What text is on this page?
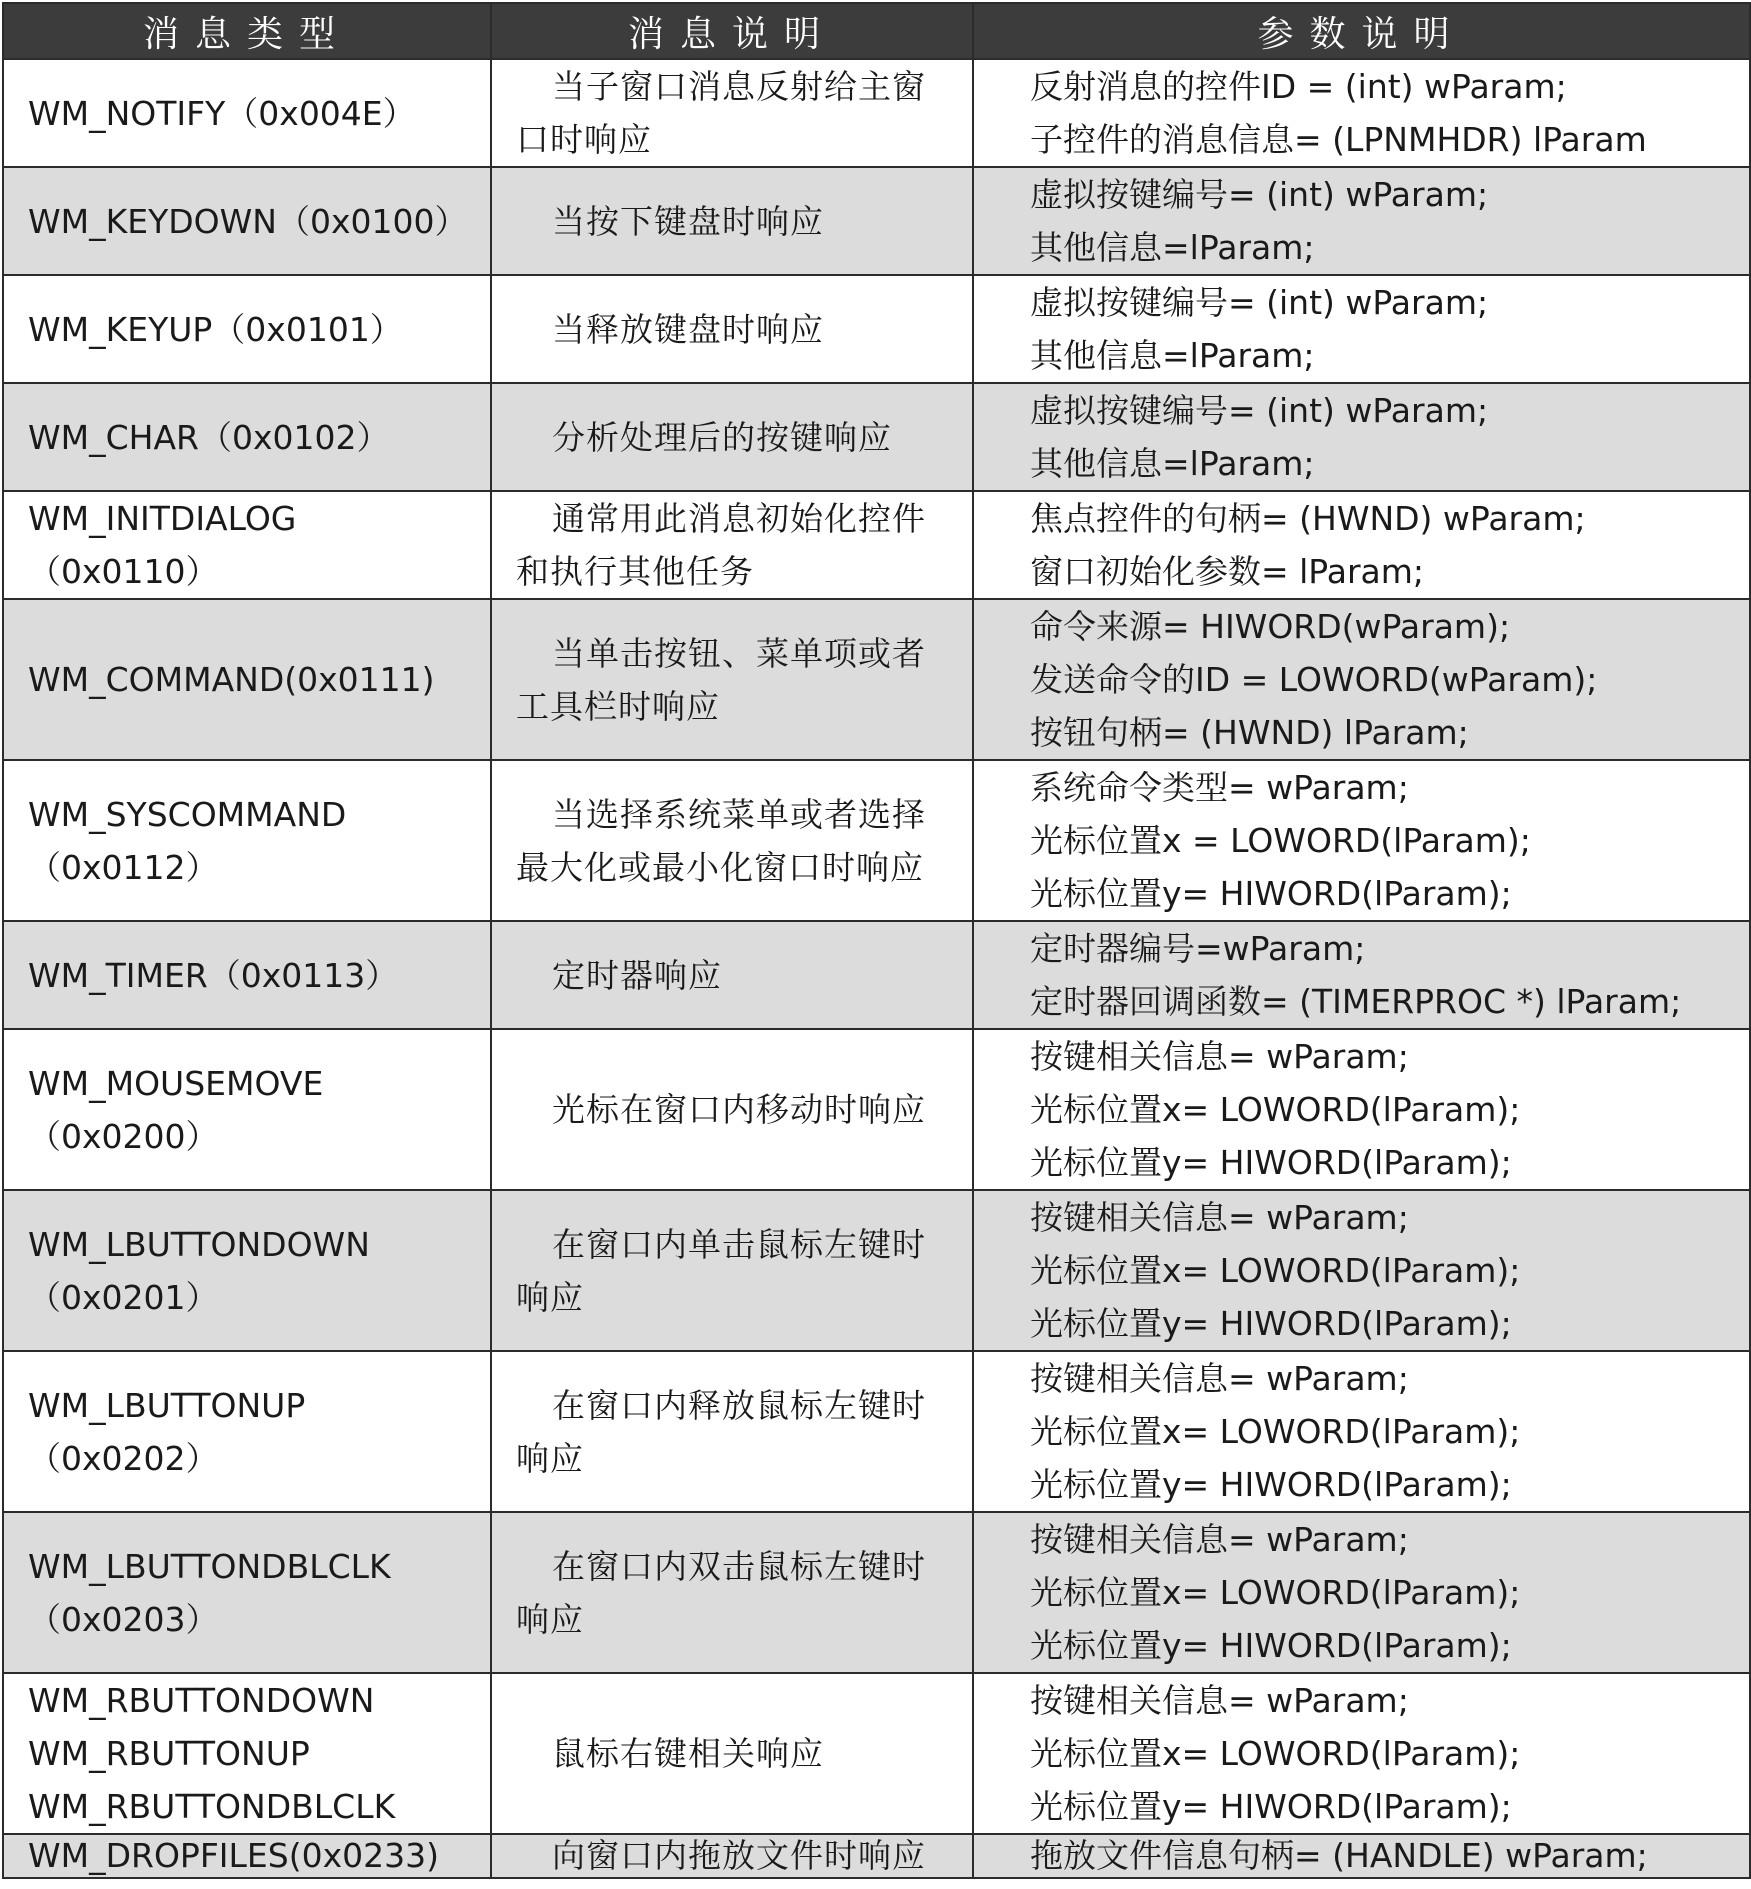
消息类型	消息说明	参数说明

WM_NOTIFY（0x004E）	当子窗口消息反射给主窗口时响应	反射消息的控件ID = (int) wParam;
子控件的消息信息= (LPNMHDR) lParam

WM_KEYDOWN（0x0100）	当按下键盘时响应	虚拟按键编号= (int) wParam;
其他信息=lParam;

WM_KEYUP（0x0101）	当释放键盘时响应	虚拟按键编号= (int) wParam;
其他信息=lParam;

WM_CHAR（0x0102）	分析处理后的按键响应	虚拟按键编号= (int) wParam;
其他信息=lParam;

WM_INITDIALOG
（0x0110）	通常用此消息初始化控件和执行其他任务	焦点控件的句柄= (HWND) wParam;
窗口初始化参数= lParam;

WM_COMMAND(0x0111)	当单击按钮、菜单项或者工具栏时响应	命令来源= HIWORD(wParam);
发送命令的ID = LOWORD(wParam);
按钮句柄= (HWND) lParam;

WM_SYSCOMMAND
（0x0112）	当选择系统菜单或者选择最大化或最小化窗口时响应	系统命令类型= wParam;
光标位置x = LOWORD(lParam);
光标位置y= HIWORD(lParam);

WM_TIMER（0x0113）	定时器响应	定时器编号=wParam;
定时器回调函数= (TIMERPROC *) lParam;

WM_MOUSEMOVE
（0x0200）	光标在窗口内移动时响应	按键相关信息= wParam;
光标位置x= LOWORD(lParam);
光标位置y= HIWORD(lParam);

WM_LBUTTONDOWN
（0x0201）	在窗口内单击鼠标左键时响应	按键相关信息= wParam;
光标位置x= LOWORD(lParam);
光标位置y= HIWORD(lParam);

WM_LBUTTONUP
（0x0202）	在窗口内释放鼠标左键时响应	按键相关信息= wParam;
光标位置x= LOWORD(lParam);
光标位置y= HIWORD(lParam);

WM_LBUTTONDBLCLK
（0x0203）	在窗口内双击鼠标左键时响应	按键相关信息= wParam;
光标位置x= LOWORD(lParam);
光标位置y= HIWORD(lParam);

WM_RBUTTONDOWN
WM_RBUTTONUP
WM_RBUTTONDBLCLK	鼠标右键相关响应	按键相关信息= wParam;
光标位置x= LOWORD(lParam);
光标位置y= HIWORD(lParam);

WM_DROPFILES(0x0233)	向窗口内拖放文件时响应	拖放文件信息句柄= (HANDLE) wParam;
